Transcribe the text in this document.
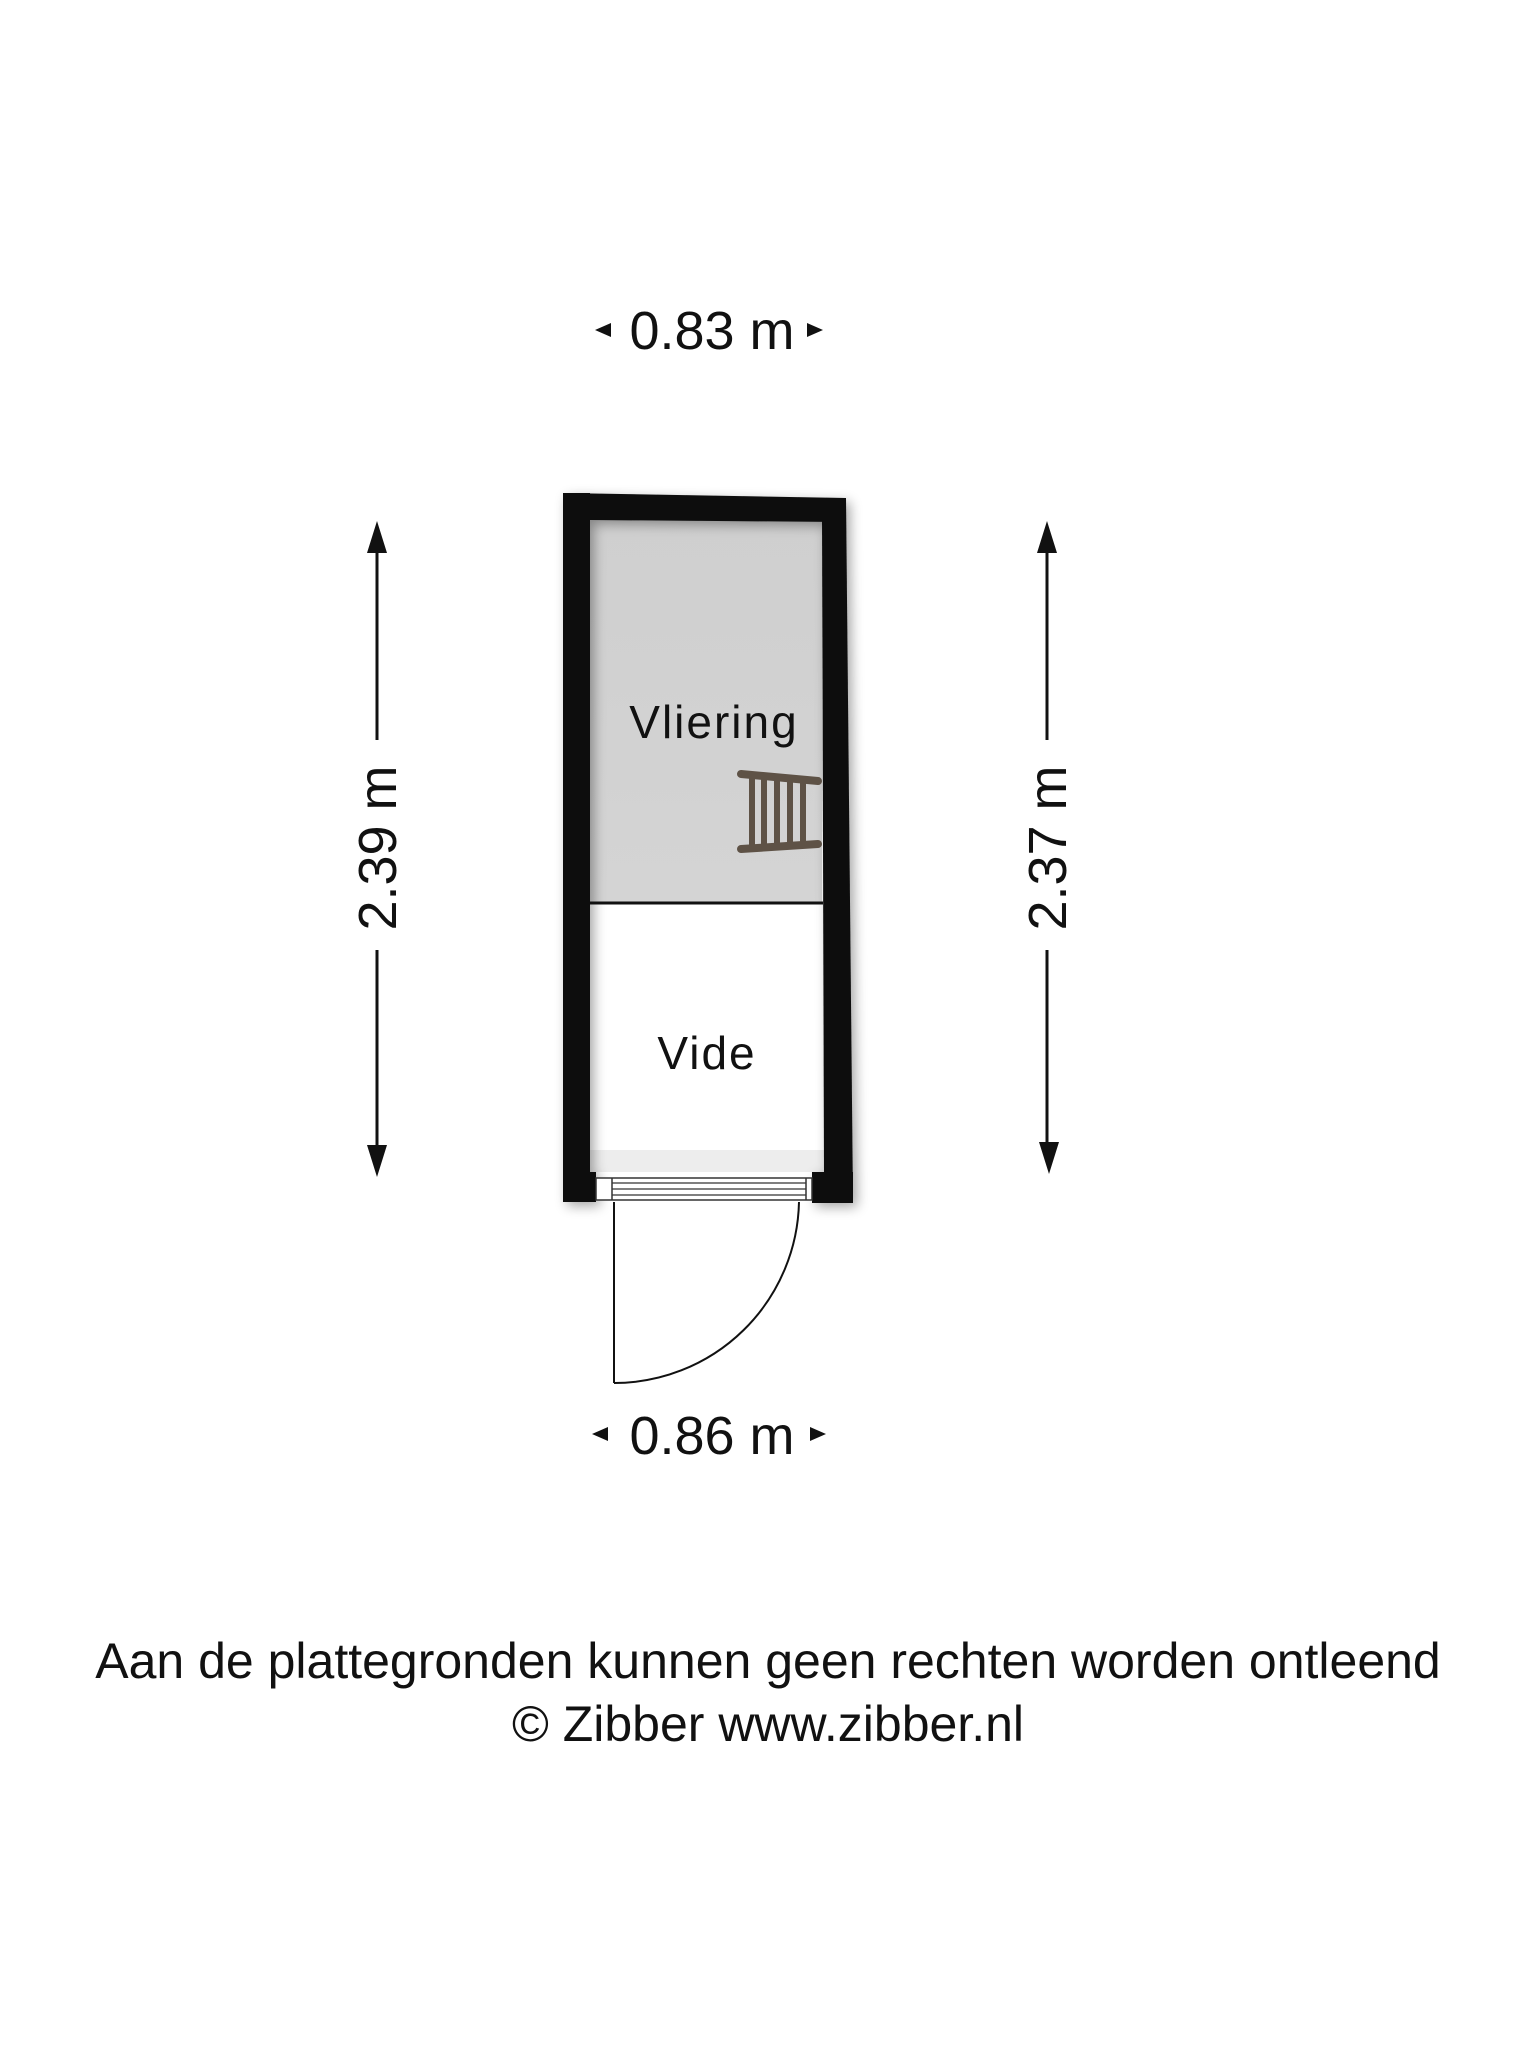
0.83 m
2.39 m	2.37 m
Vliering
Vide
0.86 m
Aan de plattegronden kunnen geen rechten worden ontleend
© Zibber www.zibber.nl
